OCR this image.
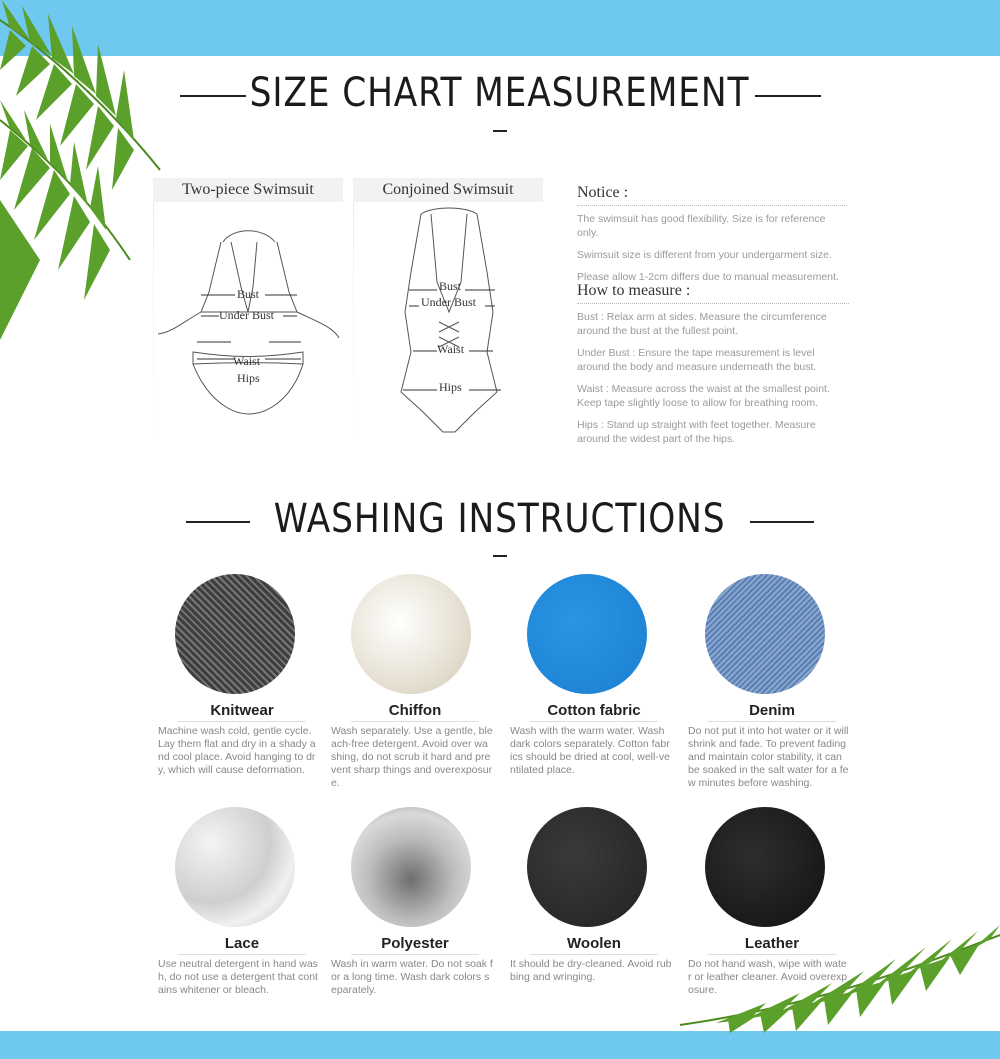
SIZE CHART MEASUREMENT
Two-piece Swimsuit
Bust
Under Bust
Waist
Hips
Conjoined Swimsuit
Bust
Under Bust
Waist
Hips
Notice :
The swimsuit has good flexibility. Size is for reference only.
Swimsuit size is different from your undergarment size.
Please allow 1-2cm differs due to manual measurement.
How to measure :
Bust : Relax arm at sides. Measure the circumference around the bust at the fullest point.
Under Bust : Ensure the tape measurement is level around the body and measure underneath the bust.
Waist : Measure across the waist at the smallest point. Keep tape slightly loose to allow for breathing room.
Hips : Stand up straight with feet together. Measure around the widest part of the hips.
WASHING INSTRUCTIONS
Knitwear
Machine wash cold, gentle cycle. Lay them flat and dry in a shady and cool place. Avoid hanging to dry, which will cause deformation.
Chiffon
Wash separately. Use a gentle, bleach-free detergent. Avoid over washing, do not scrub it hard and prevent sharp things and overexposure.
Cotton fabric
Wash with the warm water. Wash dark colors separately. Cotton fabrics should be dried at cool, well-ventilated place.
Denim
Do not put it into hot water or it will shrink and fade. To prevent fading and maintain color stability, it can be soaked in the salt water for a few minutes before washing.
Lace
Use neutral detergent in hand wash, do not use a detergent that contains whitener or bleach.
Polyester
Wash in warm water. Do not soak for a long time. Wash dark colors separately.
Woolen
It should be dry-cleaned. Avoid rubbing and wringing.
Leather
Do not hand wash, wipe with water or leather cleaner. Avoid overexposure.
